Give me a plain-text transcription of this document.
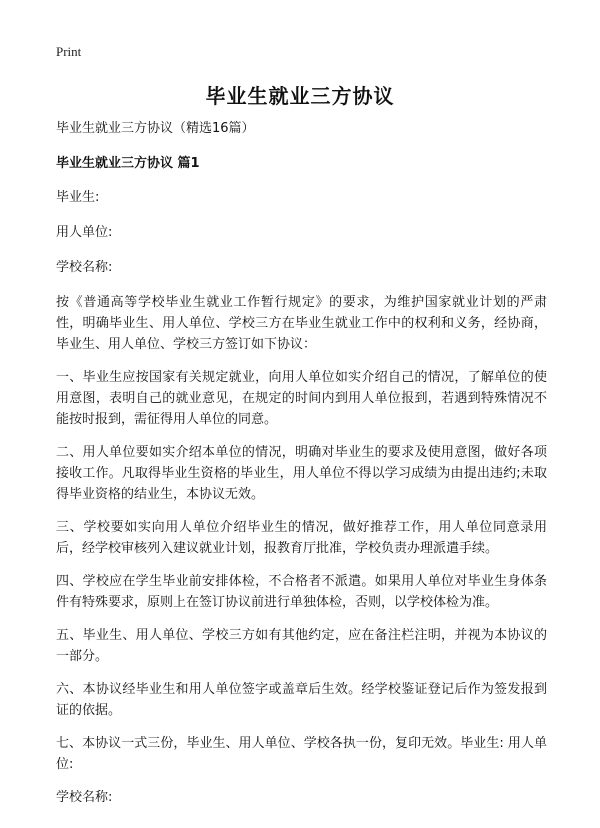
Print
毕业生就业三方协议
毕业生就业三方协议（精选16篇）
毕业生就业三方协议 篇1
毕业生:
用人单位:
学校名称:
按《普通高等学校毕业生就业工作暂行规定》的要求，为维护国家就业计划的严肃性，明确毕业生、用人单位、学校三方在毕业生就业工作中的权利和义务，经协商，毕业生、用人单位、学校三方签订如下协议：
一、毕业生应按国家有关规定就业，向用人单位如实介绍自己的情况，了解单位的使用意图，表明自己的就业意见，在规定的时间内到用人单位报到，若遇到特殊情况不能按时报到，需征得用人单位的同意。
二、用人单位要如实介绍本单位的情况，明确对毕业生的要求及使用意图，做好各项接收工作。凡取得毕业生资格的毕业生，用人单位不得以学习成绩为由提出违约;未取得毕业资格的结业生，本协议无效。
三、学校要如实向用人单位介绍毕业生的情况，做好推荐工作，用人单位同意录用后，经学校审核列入建议就业计划，报教育厅批准，学校负责办理派遣手续。
四、学校应在学生毕业前安排体检，不合格者不派遣。如果用人单位对毕业生身体条件有特殊要求，原则上在签订协议前进行单独体检，否则，以学校体检为准。
五、毕业生、用人单位、学校三方如有其他约定，应在备注栏注明，并视为本协议的一部分。
六、本协议经毕业生和用人单位签字或盖章后生效。经学校鉴证登记后作为签发报到证的依据。
七、本协议一式三份，毕业生、用人单位、学校各执一份，复印无效。毕业生: 用人单位:
学校名称:
